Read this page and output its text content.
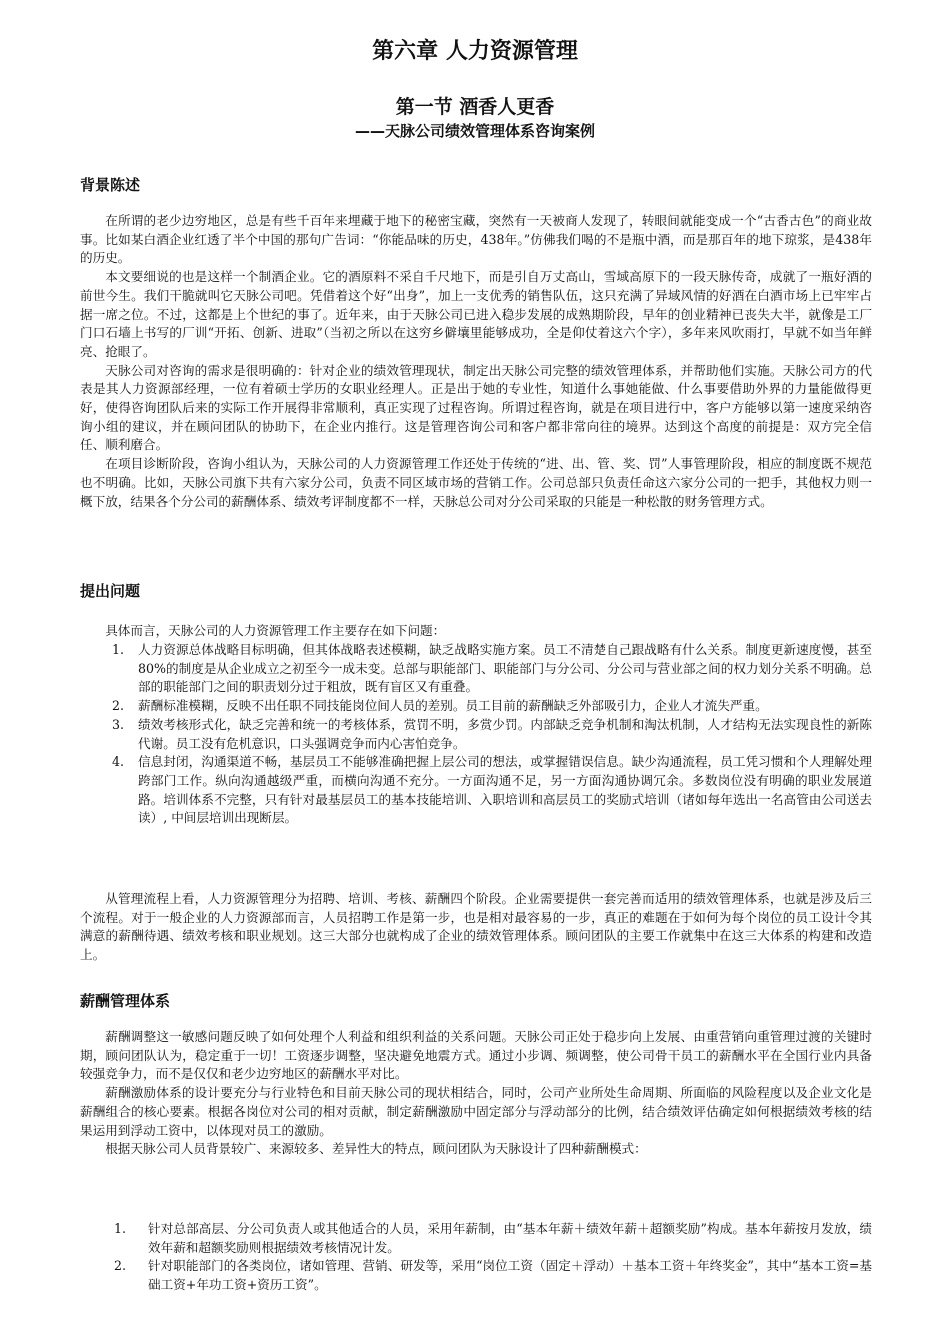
第六章 人力资源管理
第一节 酒香人更香
——天脉公司绩效管理体系咨询案例
背景陈述

在所谓的老少边穷地区，总是有些千百年来埋藏于地下的秘密宝藏，突然有一天被商人发现了，转眼间就能变成一个“古香古色”的商业故事。比如某白酒企业红透了半个中国的那句广告词：“你能品味的历史，438年。”仿佛我们喝的不是瓶中酒，而是那百年的地下琼浆，是438年的历史。

本文要细说的也是这样一个制酒企业。它的酒原料不采自千尺地下，而是引自万丈高山，雪域高原下的一段天脉传奇，成就了一瓶好酒的前世今生。我们干脆就叫它天脉公司吧。凭借着这个好“出身”，加上一支优秀的销售队伍，这只充满了异域风情的好酒在白酒市场上已牢牢占据一席之位。不过，这都是上个世纪的事了。近年来，由于天脉公司已进入稳步发展的成熟期阶段，早年的创业精神已丧失大半，就像是工厂门口石墙上书写的厂训“开拓、创新、进取”（当初之所以在这穷乡僻壤里能够成功，全是仰仗着这六个字），多年来风吹雨打，早就不如当年鲜亮、抢眼了。

天脉公司对咨询的需求是很明确的：针对企业的绩效管理现状，制定出天脉公司完整的绩效管理体系，并帮助他们实施。天脉公司方的代表是其人力资源部经理，一位有着硕士学历的女职业经理人。正是出于她的专业性，知道什么事她能做、什么事要借助外界的力量能做得更好，使得咨询团队后来的实际工作开展得非常顺利，真正实现了过程咨询。所谓过程咨询，就是在项目进行中，客户方能够以第一速度采纳咨询小组的建议，并在顾问团队的协助下，在企业内推行。这是管理咨询公司和客户都非常向往的境界。达到这个高度的前提是：双方完全信任、顺利磨合。

在项目诊断阶段，咨询小组认为，天脉公司的人力资源管理工作还处于传统的“进、出、管、奖、罚”人事管理阶段，相应的制度既不规范也不明确。比如，天脉公司旗下共有六家分公司，负责不同区域市场的营销工作。公司总部只负责任命这六家分公司的一把手，其他权力则一概下放，结果各个分公司的薪酬体系、绩效考评制度都不一样，天脉总公司对分公司采取的只能是一种松散的财务管理方式。

提出问题

具体而言，天脉公司的人力资源管理工作主要存在如下问题：

1. 人力资源总体战略目标明确，但其体战略表述模糊，缺乏战略实施方案。员工不清楚自己跟战略有什么关系。制度更新速度慢，甚至80%的制度是从企业成立之初至今一成未变。总部与职能部门、职能部门与分公司、分公司与营业部之间的权力划分关系不明确。总部的职能部门之间的职责划分过于粗放，既有盲区又有重叠。
2. 薪酬标准模糊，反映不出任职不同技能岗位间人员的差别。员工目前的薪酬缺乏外部吸引力，企业人才流失严重。
3. 绩效考核形式化，缺乏完善和统一的考核体系，赏罚不明，多赏少罚。内部缺乏竞争机制和淘汰机制，人才结构无法实现良性的新陈代谢。员工没有危机意识，口头强调竞争而内心害怕竞争。
4. 信息封闭，沟通渠道不畅，基层员工不能够准确把握上层公司的想法，或掌握错误信息。缺少沟通流程，员工凭习惯和个人理解处理跨部门工作。纵向沟通越级严重，而横向沟通不充分。一方面沟通不足，另一方面沟通协调冗余。多数岗位没有明确的职业发展道路。培训体系不完整，只有针对最基层员工的基本技能培训、入职培训和高层员工的奖励式培训（诸如每年选出一名高管由公司送去读）, 中间层培训出现断层。

从管理流程上看，人力资源管理分为招聘、培训、考核、薪酬四个阶段。企业需要提供一套完善而适用的绩效管理体系，也就是涉及后三个流程。对于一般企业的人力资源部而言，人员招聘工作是第一步，也是相对最容易的一步，真正的难题在于如何为每个岗位的员工设计令其满意的薪酬待遇、绩效考核和职业规划。这三大部分也就构成了企业的绩效管理体系。顾问团队的主要工作就集中在这三大体系的构建和改造上。

薪酬管理体系

薪酬调整这一敏感问题反映了如何处理个人利益和组织利益的关系问题。天脉公司正处于稳步向上发展、由重营销向重管理过渡的关键时期，顾问团队认为，稳定重于一切！工资逐步调整，坚决避免地震方式。通过小步调、频调整，使公司骨干员工的薪酬水平在全国行业内具备较强竞争力，而不是仅仅和老少边穷地区的薪酬水平对比。

薪酬激励体系的设计要充分与行业特色和目前天脉公司的现状相结合，同时，公司产业所处生命周期、所面临的风险程度以及企业文化是薪酬组合的核心要素。根据各岗位对公司的相对贡献，制定薪酬激励中固定部分与浮动部分的比例，结合绩效评估确定如何根据绩效考核的结果运用到浮动工资中，以体现对员工的激励。

根据天脉公司人员背景较广、来源较多、差异性大的特点，顾问团队为天脉设计了四种薪酬模式：

1. 针对总部高层、分公司负责人或其他适合的人员，采用年薪制，由“基本年薪＋绩效年薪＋超额奖励”构成。基本年薪按月发放，绩效年薪和超额奖励则根据绩效考核情况计发。
2. 针对职能部门的各类岗位，诸如管理、营销、研发等，采用“岗位工资（固定＋浮动）＋基本工资＋年终奖金”，其中“基本工资=基础工资+年功工资+资历工资”。
